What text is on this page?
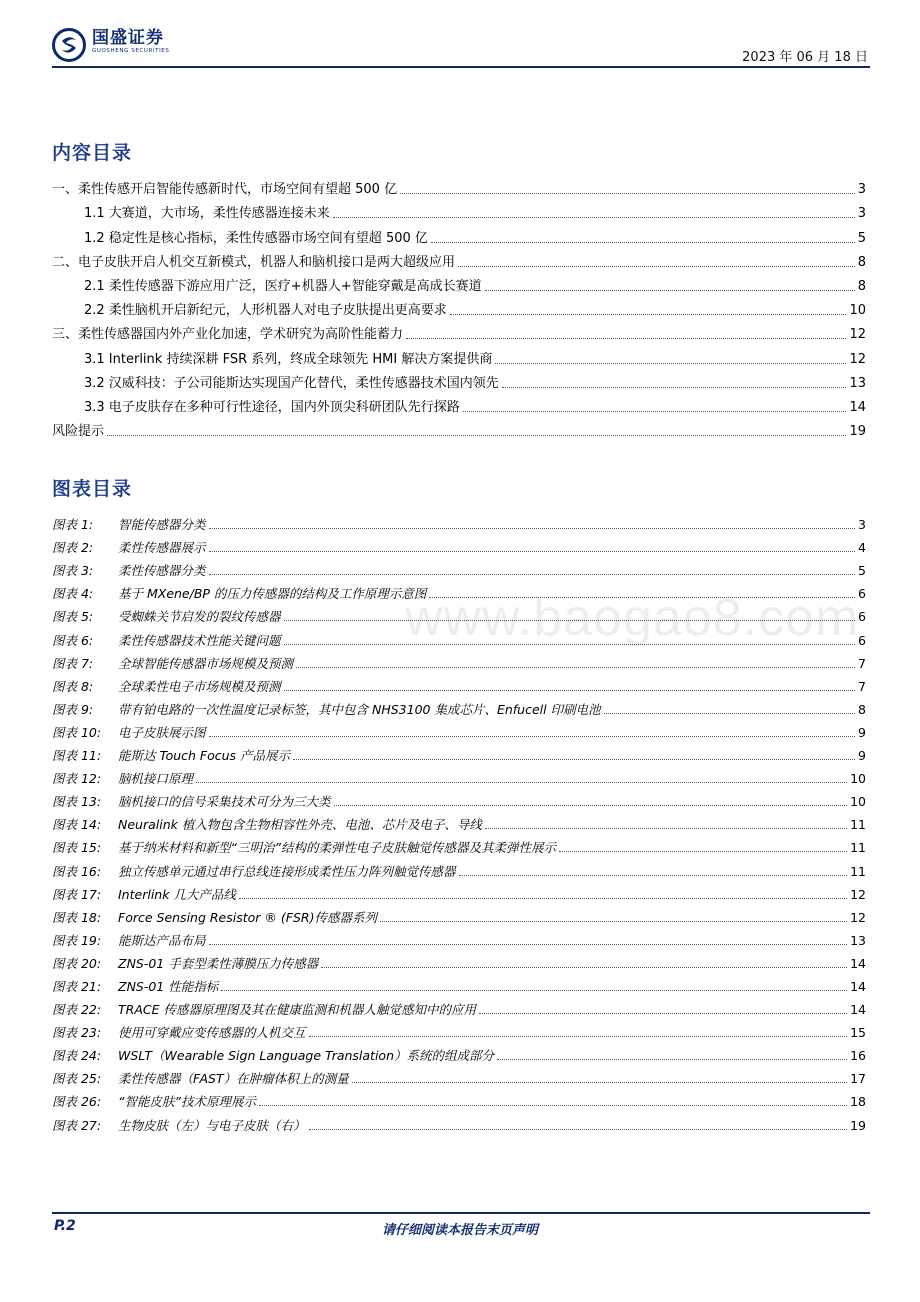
国盛证券
GUOSHENG SECURITIES	2023 年 06 月 18 日
内容目录
一、柔性传感开启智能传感新时代，市场空间有望超 500 亿	3
1.1 大赛道，大市场，柔性传感器连接未来	3
1.2 稳定性是核心指标，柔性传感器市场空间有望超 500 亿	5
二、电子皮肤开启人机交互新模式，机器人和脑机接口是两大超级应用	8
2.1 柔性传感器下游应用广泛，医疗+机器人+智能穿戴是高成长赛道	8
2.2 柔性脑机开启新纪元，人形机器人对电子皮肤提出更高要求	10
三、柔性传感器国内外产业化加速，学术研究为高阶性能蓄力	12
3.1 Interlink 持续深耕 FSR 系列，终成全球领先 HMI 解决方案提供商	12
3.2 汉威科技：子公司能斯达实现国产化替代，柔性传感器技术国内领先	13
3.3 电子皮肤存在多种可行性途径，国内外顶尖科研团队先行探路	14
风险提示	19
图表目录
图表 1:	智能传感器分类	3
图表 2:	柔性传感器展示	4
图表 3:	柔性传感器分类	5
图表 4:	基于 MXene/BP 的压力传感器的结构及工作原理示意图	6
图表 5:	受蜘蛛关节启发的裂纹传感器	6
图表 6:	柔性传感器技术性能关键问题	6
图表 7:	全球智能传感器市场规模及预测	7
图表 8:	全球柔性电子市场规模及预测	7
图表 9:	带有铂电路的一次性温度记录标签，其中包含 NHS3100 集成芯片、Enfucell 印刷电池	8
图表 10:	电子皮肤展示图	9
图表 11:	能斯达 Touch Focus 产品展示	9
图表 12:	脑机接口原理	10
图表 13:	脑机接口的信号采集技术可分为三大类	10
图表 14:	Neuralink 植入物包含生物相容性外壳、电池、芯片及电子、导线	11
图表 15:	基于纳米材料和新型“三明治”结构的柔弹性电子皮肤触觉传感器及其柔弹性展示	11
图表 16:	独立传感单元通过串行总线连接形成柔性压力阵列触觉传感器	11
图表 17:	Interlink 几大产品线	12
图表 18:	Force Sensing Resistor ® (FSR)传感器系列	12
图表 19:	能斯达产品布局	13
图表 20:	ZNS-01 手套型柔性薄膜压力传感器	14
图表 21:	ZNS-01 性能指标	14
图表 22:	TRACE 传感器原理图及其在健康监测和机器人触觉感知中的应用	14
图表 23:	使用可穿戴应变传感器的人机交互	15
图表 24:	WSLT（Wearable Sign Language Translation）系统的组成部分	16
图表 25:	柔性传感器（FAST）在肿瘤体积上的测量	17
图表 26:	“智能皮肤”技术原理展示	18
图表 27:	生物皮肤（左）与电子皮肤（右）	19
www.baogao8.com
P.2	请仔细阅读本报告末页声明
